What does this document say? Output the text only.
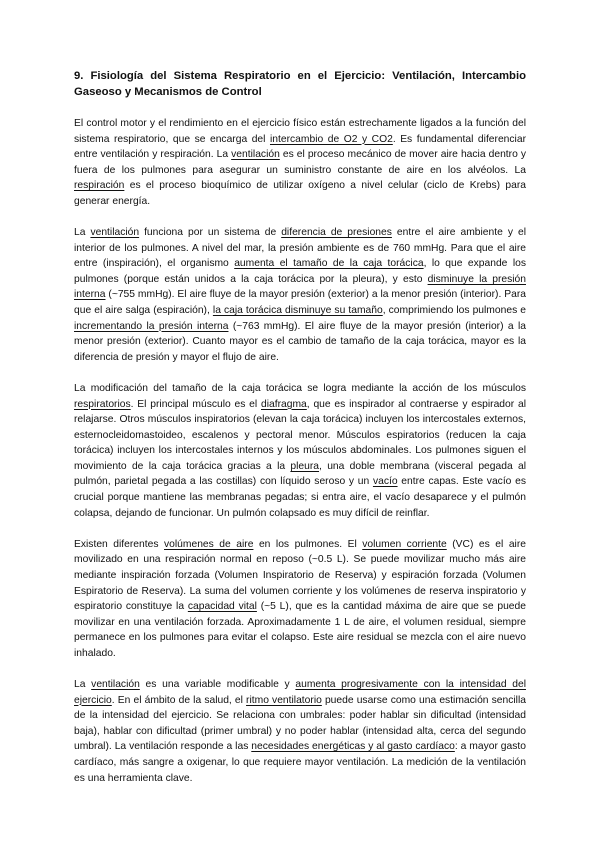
9. Fisiología del Sistema Respiratorio en el Ejercicio: Ventilación, Intercambio Gaseoso y Mecanismos de Control

El control motor y el rendimiento en el ejercicio físico están estrechamente ligados a la función del sistema respiratorio, que se encarga del intercambio de O2 y CO2. Es fundamental diferenciar entre ventilación y respiración. La ventilación es el proceso mecánico de mover aire hacia dentro y fuera de los pulmones para asegurar un suministro constante de aire en los alvéolos. La respiración es el proceso bioquímico de utilizar oxígeno a nivel celular (ciclo de Krebs) para generar energía.

La ventilación funciona por un sistema de diferencia de presiones entre el aire ambiente y el interior de los pulmones. A nivel del mar, la presión ambiente es de 760 mmHg. Para que el aire entre (inspiración), el organismo aumenta el tamaño de la caja torácica, lo que expande los pulmones (porque están unidos a la caja torácica por la pleura), y esto disminuye la presión interna (~755 mmHg). El aire fluye de la mayor presión (exterior) a la menor presión (interior). Para que el aire salga (espiración), la caja torácica disminuye su tamaño, comprimiendo los pulmones e incrementando la presión interna (~763 mmHg). El aire fluye de la mayor presión (interior) a la menor presión (exterior). Cuanto mayor es el cambio de tamaño de la caja torácica, mayor es la diferencia de presión y mayor el flujo de aire.

La modificación del tamaño de la caja torácica se logra mediante la acción de los músculos respiratorios. El principal músculo es el diafragma, que es inspirador al contraerse y espirador al relajarse. Otros músculos inspiratorios (elevan la caja torácica) incluyen los intercostales externos, esternocleidomastoideo, escalenos y pectoral menor. Músculos espiratorios (reducen la caja torácica) incluyen los intercostales internos y los músculos abdominales. Los pulmones siguen el movimiento de la caja torácica gracias a la pleura, una doble membrana (visceral pegada al pulmón, parietal pegada a las costillas) con líquido seroso y un vacío entre capas. Este vacío es crucial porque mantiene las membranas pegadas; si entra aire, el vacío desaparece y el pulmón colapsa, dejando de funcionar. Un pulmón colapsado es muy difícil de reinflar.

Existen diferentes volúmenes de aire en los pulmones. El volumen corriente (VC) es el aire movilizado en una respiración normal en reposo (~0.5 L). Se puede movilizar mucho más aire mediante inspiración forzada (Volumen Inspiratorio de Reserva) y espiración forzada (Volumen Espiratorio de Reserva). La suma del volumen corriente y los volúmenes de reserva inspiratorio y espiratorio constituye la capacidad vital (~5 L), que es la cantidad máxima de aire que se puede movilizar en una ventilación forzada. Aproximadamente 1 L de aire, el volumen residual, siempre permanece en los pulmones para evitar el colapso. Este aire residual se mezcla con el aire nuevo inhalado.

La ventilación es una variable modificable y aumenta progresivamente con la intensidad del ejercicio. En el ámbito de la salud, el ritmo ventilatorio puede usarse como una estimación sencilla de la intensidad del ejercicio. Se relaciona con umbrales: poder hablar sin dificultad (intensidad baja), hablar con dificultad (primer umbral) y no poder hablar (intensidad alta, cerca del segundo umbral). La ventilación responde a las necesidades energéticas y al gasto cardíaco: a mayor gasto cardíaco, más sangre a oxigenar, lo que requiere mayor ventilación. La medición de la ventilación es una herramienta clave.
